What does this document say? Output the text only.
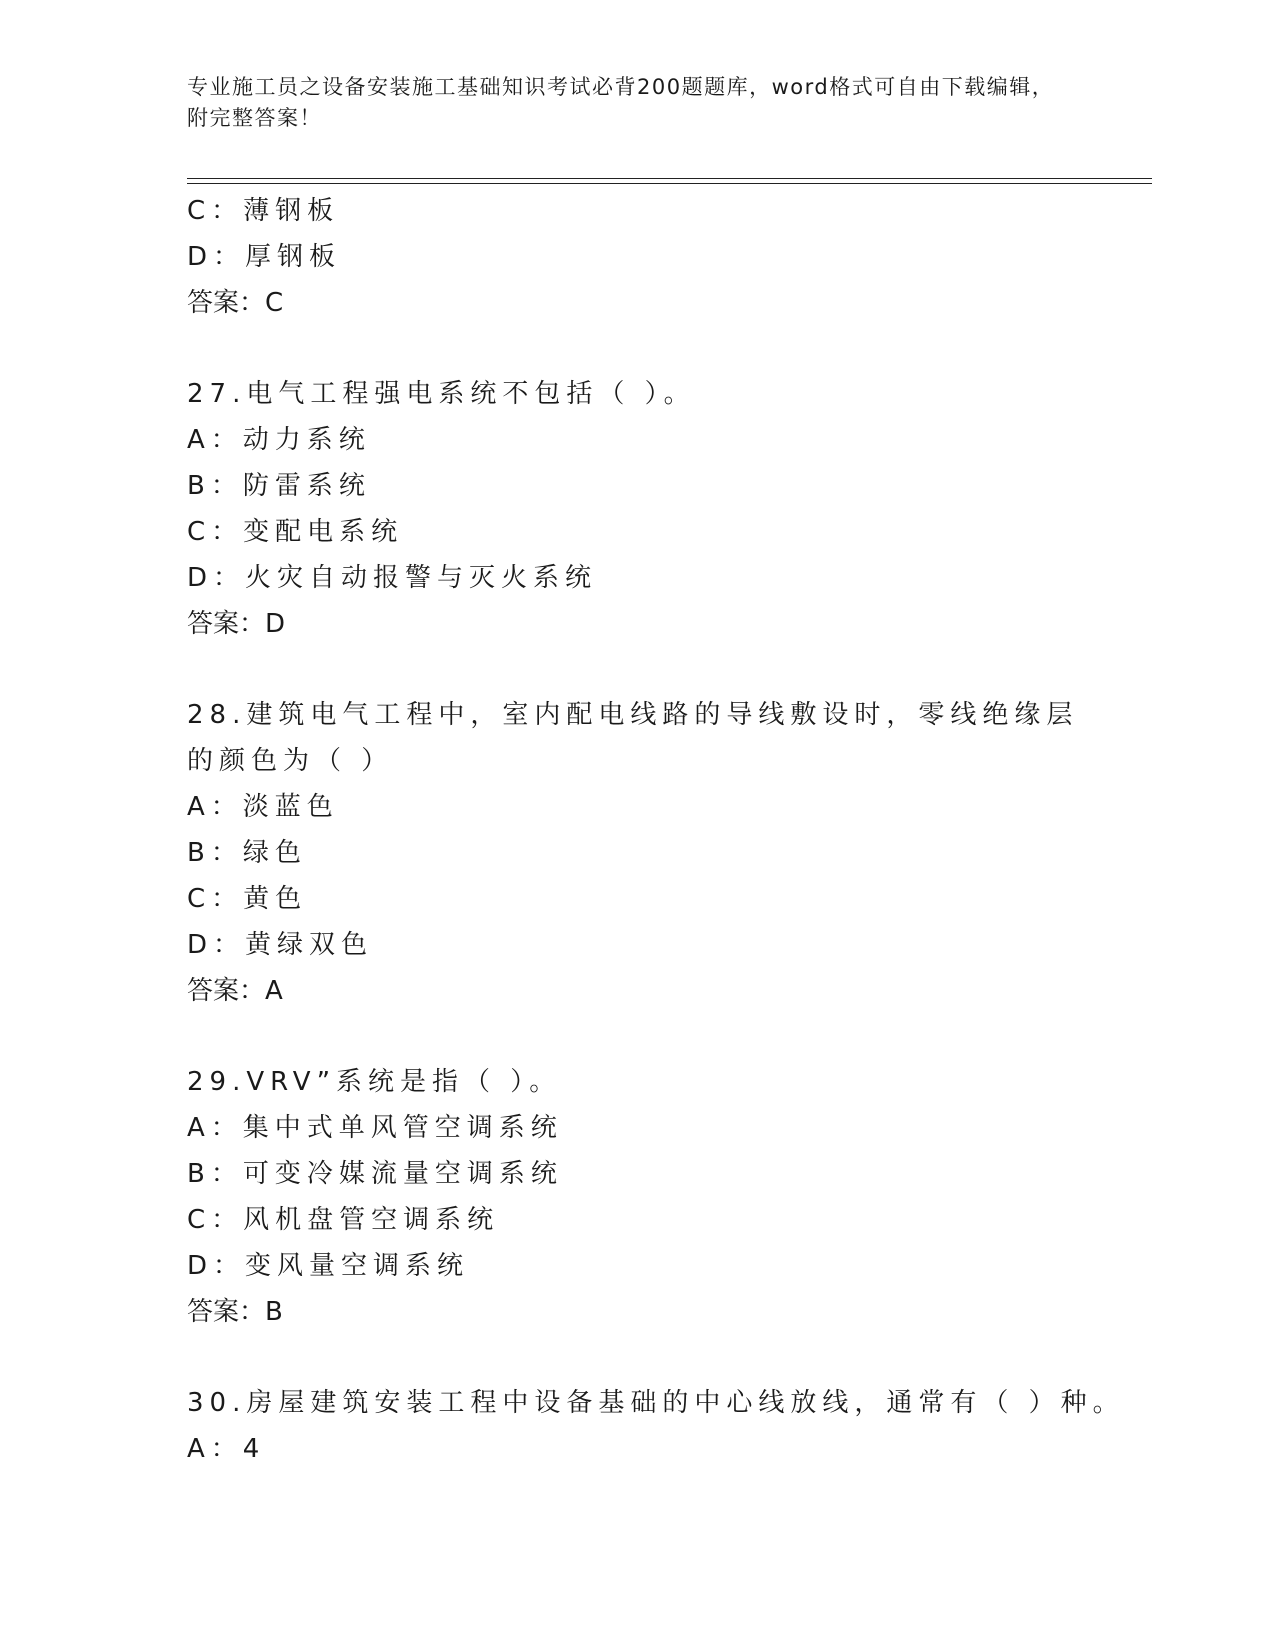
专业施工员之设备安装施工基础知识考试必背200题题库，word格式可自由下载编辑，附完整答案！
C：薄钢板
D：厚钢板
答案：C
27.电气工程强电系统不包括（ ）。
A：动力系统
B：防雷系统
C：变配电系统
D：火灾自动报警与灭火系统
答案：D
28.建筑电气工程中，室内配电线路的导线敷设时，零线绝缘层的颜色为（ ）
A：淡蓝色
B：绿色
C：黄色
D：黄绿双色
答案：A
29.VRV”系统是指（ ）。
A：集中式单风管空调系统
B：可变冷媒流量空调系统
C：风机盘管空调系统
D：变风量空调系统
答案：B
30.房屋建筑安装工程中设备基础的中心线放线，通常有（ ）种。
A：4
